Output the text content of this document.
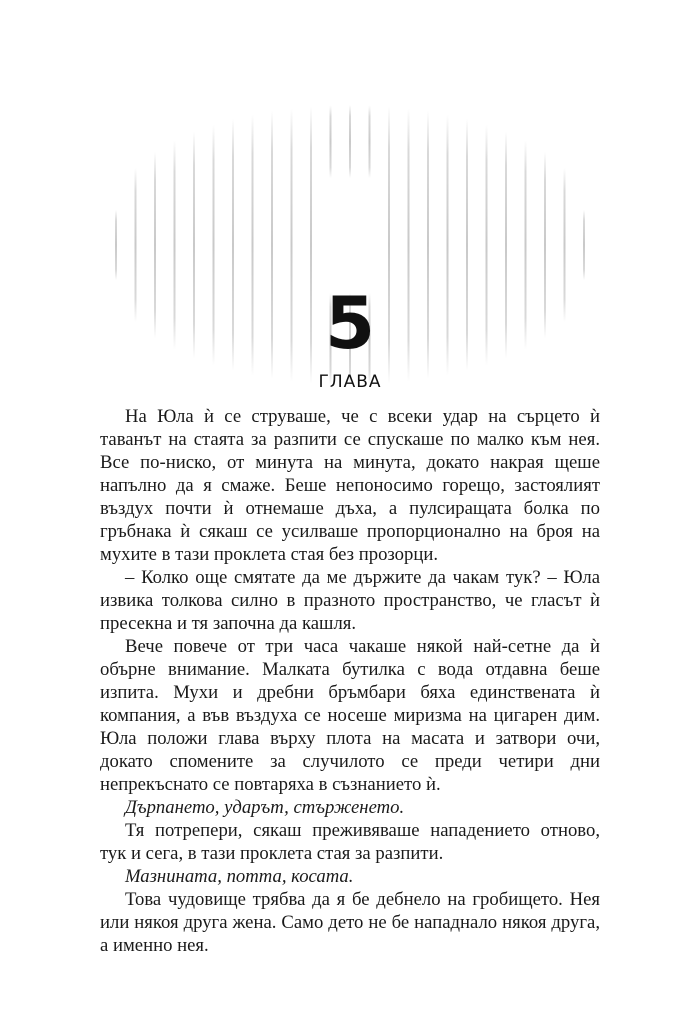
5
ГЛАВА

На Юла ѝ се струваше, че с всеки удар на сърцето ѝ таванът на стаята за разпити се спускаше по малко към нея. Все по-ниско, от минута на минута, докато накрая щеше напълно да я смаже. Беше непоносимо горещо, застоялият въздух почти ѝ отнемаше дъха, а пулсиращата болка по гръбнака ѝ сякаш се усилваше пропорционално на броя на мухите в тази проклета стая без прозорци.

– Колко още смятате да ме държите да чакам тук? – Юла извика толкова силно в празното пространство, че гласът ѝ пресекна и тя започна да кашля.

Вече повече от три часа чакаше някой най-сетне да ѝ обърне внимание. Малката бутилка с вода отдавна беше изпита. Мухи и дребни бръмбари бяха единствената ѝ компания, а във въздуха се носеше миризма на цигарен дим. Юла положи глава върху плота на масата и затвори очи, докато спомените за случилото се преди четири дни непрекъснато се повтаряха в съзнанието ѝ.

Дърпането, ударът, стърженето.

Тя потрепери, сякаш преживяваше нападението отново, тук и сега, в тази проклета стая за разпити.

Мазнината, потта, косата.

Това чудовище трябва да я бе дебнело на гробището. Нея или някоя друга жена. Само дето не бе нападнало някоя друга, а именно нея.
